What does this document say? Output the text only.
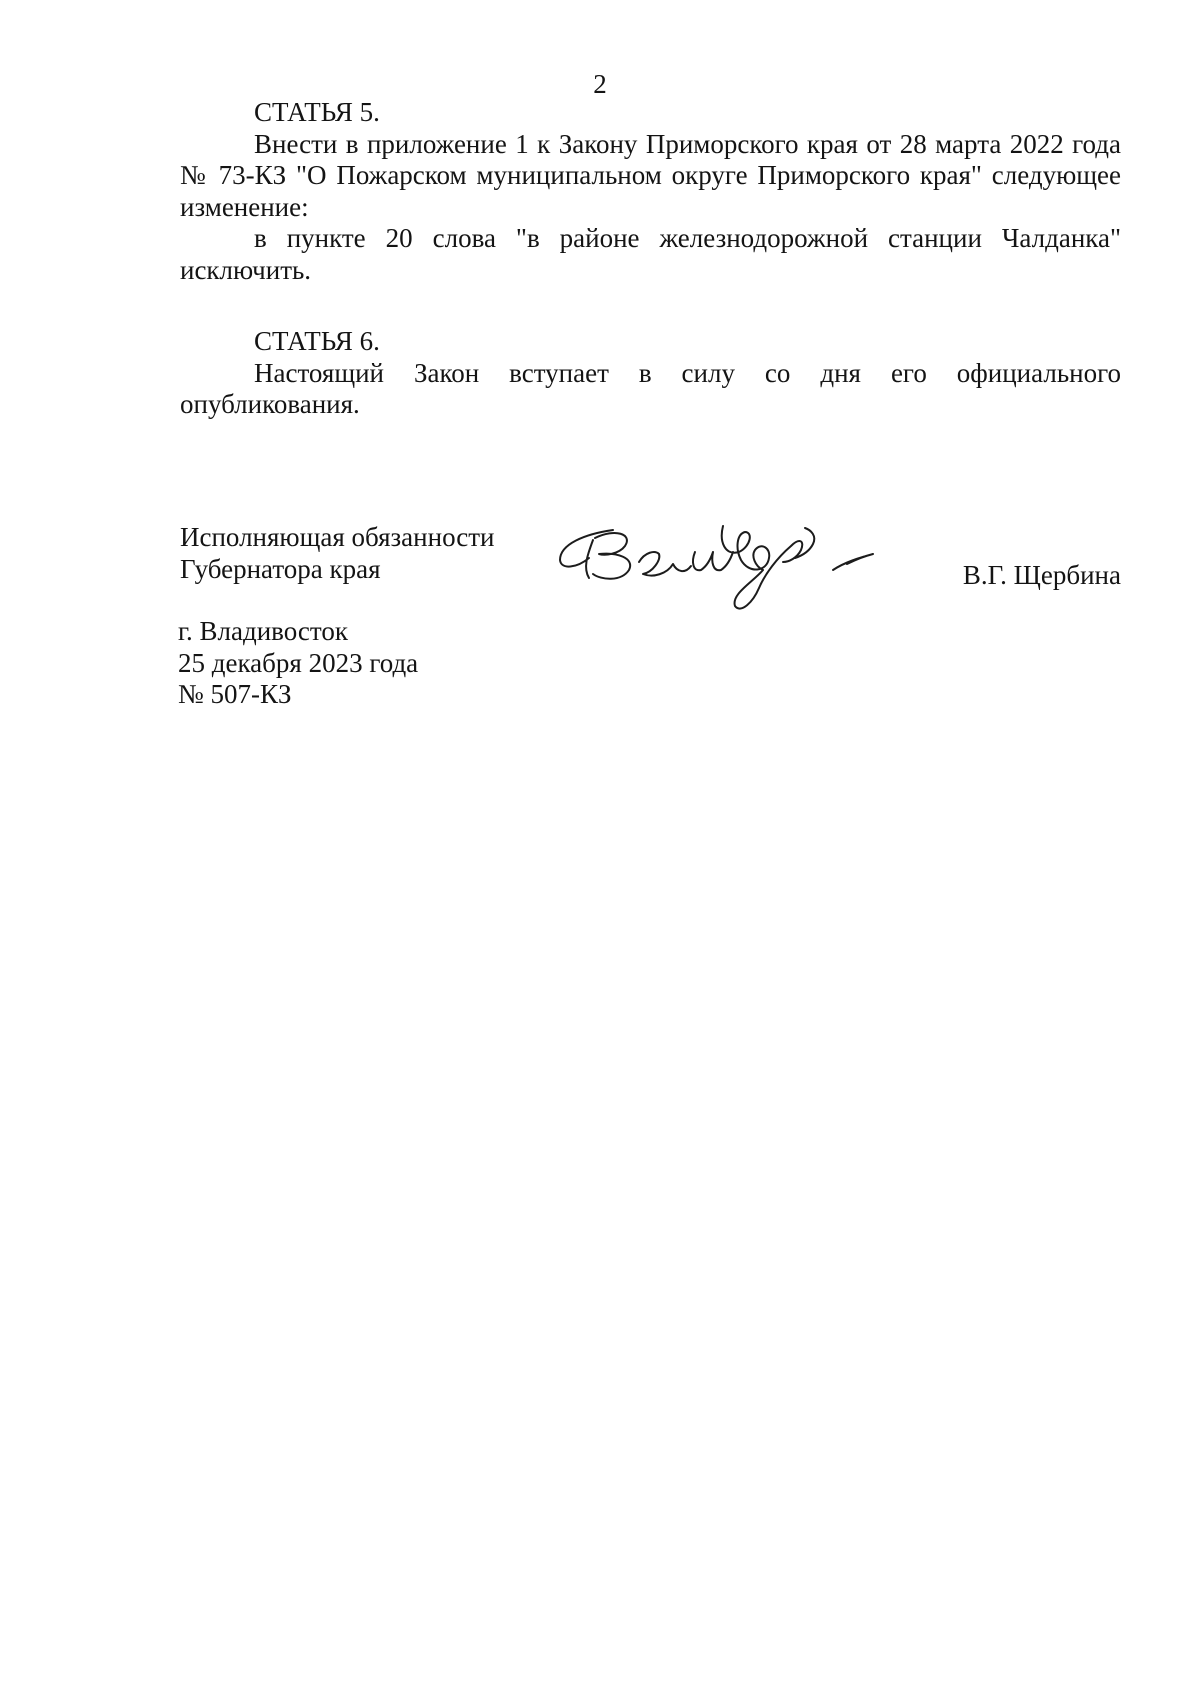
2
СТАТЬЯ 5.

Внести в приложение 1 к Закону Приморского края от 28 марта 2022 года № 73-КЗ "О Пожарском муниципальном округе Приморского края" следующее изменение:

в пункте 20 слова "в районе железнодорожной станции Чалданка" исключить.

СТАТЬЯ 6.

Настоящий Закон вступает в силу со дня его официального опубликования.

Исполняющая обязанности
Губернатора края	В.Г. Щербина
г. Владивосток
25 декабря 2023 года
№ 507-КЗ
